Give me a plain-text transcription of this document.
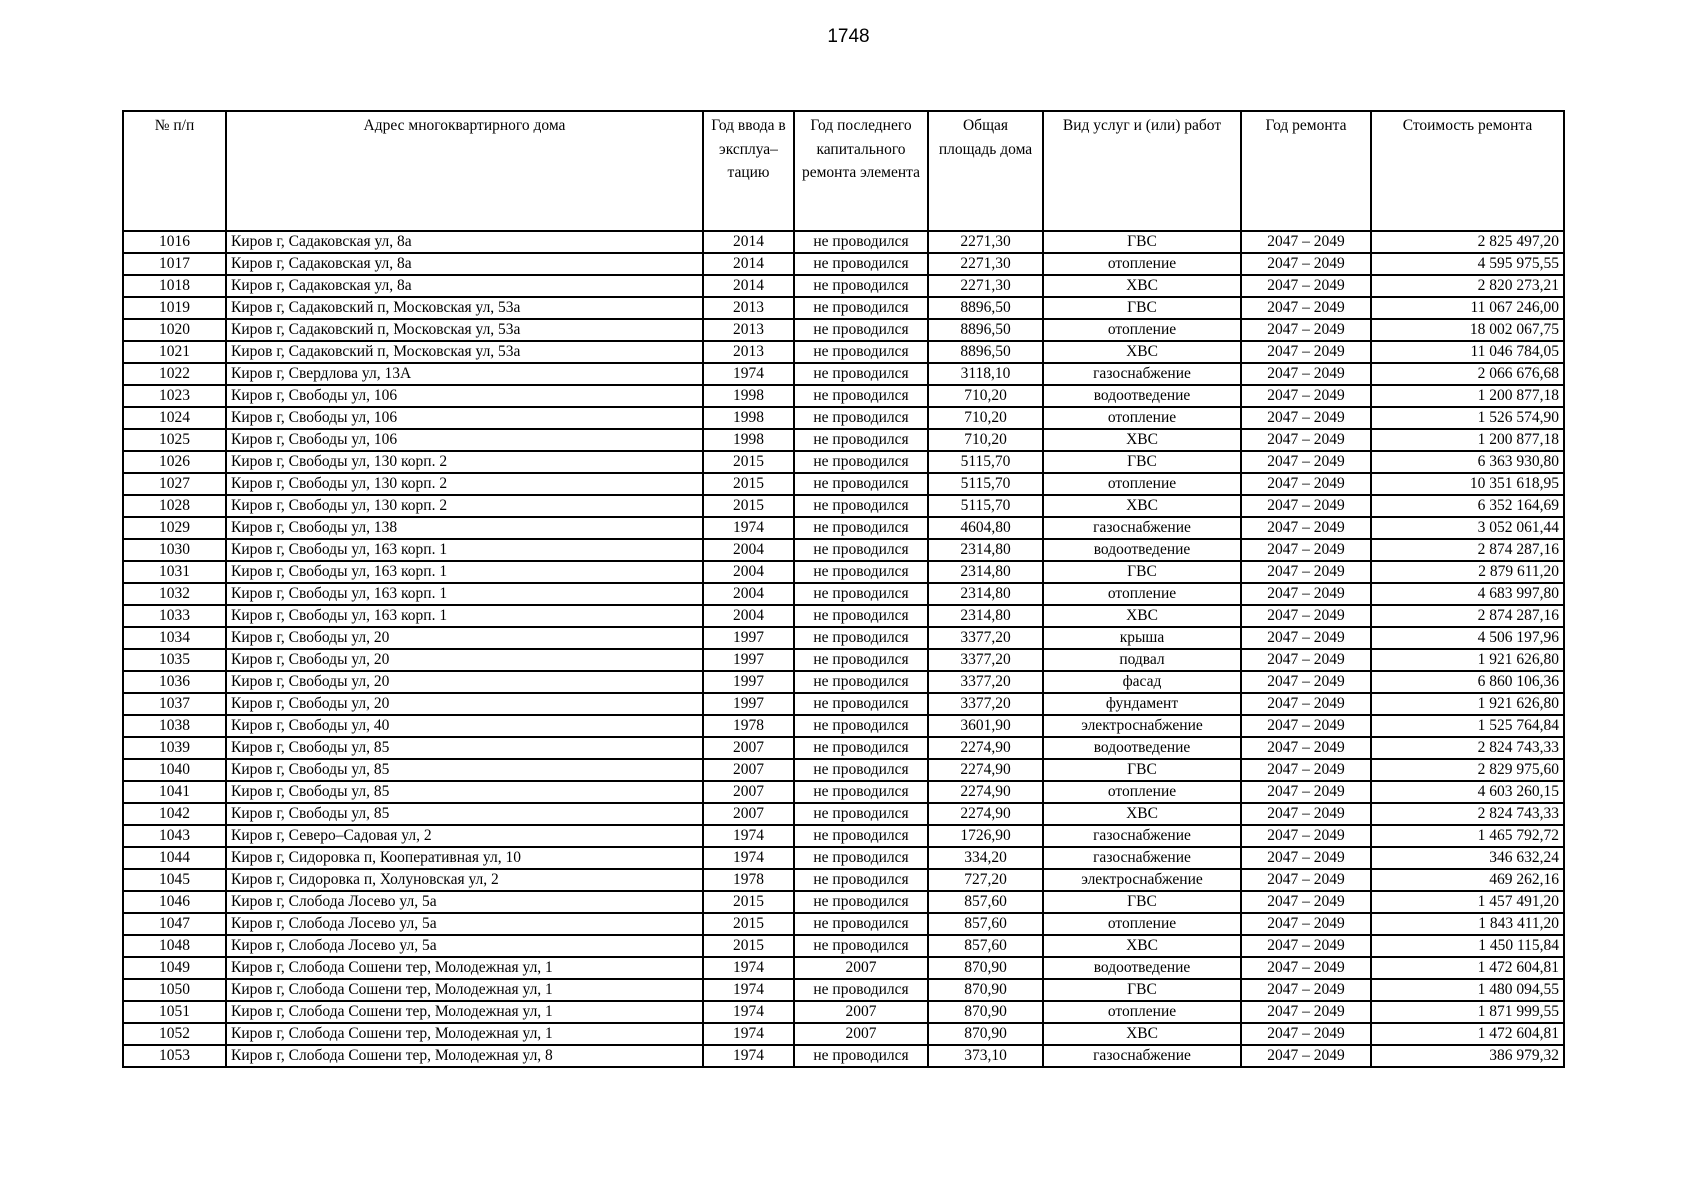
1748
№ п/п	Адрес многоквартирного дома	Год ввода в эксплуа–тацию	Год последнего капитального ремонта элемента	Общая площадь дома	Вид услуг и (или) работ	Год ремонта	Стоимость ремонта
1016	Киров г, Садаковская ул, 8а	2014	не проводился	2271,30	ГВС	2047 – 2049	2 825 497,20
1017	Киров г, Садаковская ул, 8а	2014	не проводился	2271,30	отопление	2047 – 2049	4 595 975,55
1018	Киров г, Садаковская ул, 8а	2014	не проводился	2271,30	ХВС	2047 – 2049	2 820 273,21
1019	Киров г, Садаковский п, Московская ул, 53а	2013	не проводился	8896,50	ГВС	2047 – 2049	11 067 246,00
1020	Киров г, Садаковский п, Московская ул, 53а	2013	не проводился	8896,50	отопление	2047 – 2049	18 002 067,75
1021	Киров г, Садаковский п, Московская ул, 53а	2013	не проводился	8896,50	ХВС	2047 – 2049	11 046 784,05
1022	Киров г, Свердлова ул, 13А	1974	не проводился	3118,10	газоснабжение	2047 – 2049	2 066 676,68
1023	Киров г, Свободы ул, 106	1998	не проводился	710,20	водоотведение	2047 – 2049	1 200 877,18
1024	Киров г, Свободы ул, 106	1998	не проводился	710,20	отопление	2047 – 2049	1 526 574,90
1025	Киров г, Свободы ул, 106	1998	не проводился	710,20	ХВС	2047 – 2049	1 200 877,18
1026	Киров г, Свободы ул, 130 корп. 2	2015	не проводился	5115,70	ГВС	2047 – 2049	6 363 930,80
1027	Киров г, Свободы ул, 130 корп. 2	2015	не проводился	5115,70	отопление	2047 – 2049	10 351 618,95
1028	Киров г, Свободы ул, 130 корп. 2	2015	не проводился	5115,70	ХВС	2047 – 2049	6 352 164,69
1029	Киров г, Свободы ул, 138	1974	не проводился	4604,80	газоснабжение	2047 – 2049	3 052 061,44
1030	Киров г, Свободы ул, 163 корп. 1	2004	не проводился	2314,80	водоотведение	2047 – 2049	2 874 287,16
1031	Киров г, Свободы ул, 163 корп. 1	2004	не проводился	2314,80	ГВС	2047 – 2049	2 879 611,20
1032	Киров г, Свободы ул, 163 корп. 1	2004	не проводился	2314,80	отопление	2047 – 2049	4 683 997,80
1033	Киров г, Свободы ул, 163 корп. 1	2004	не проводился	2314,80	ХВС	2047 – 2049	2 874 287,16
1034	Киров г, Свободы ул, 20	1997	не проводился	3377,20	крыша	2047 – 2049	4 506 197,96
1035	Киров г, Свободы ул, 20	1997	не проводился	3377,20	подвал	2047 – 2049	1 921 626,80
1036	Киров г, Свободы ул, 20	1997	не проводился	3377,20	фасад	2047 – 2049	6 860 106,36
1037	Киров г, Свободы ул, 20	1997	не проводился	3377,20	фундамент	2047 – 2049	1 921 626,80
1038	Киров г, Свободы ул, 40	1978	не проводился	3601,90	электроснабжение	2047 – 2049	1 525 764,84
1039	Киров г, Свободы ул, 85	2007	не проводился	2274,90	водоотведение	2047 – 2049	2 824 743,33
1040	Киров г, Свободы ул, 85	2007	не проводился	2274,90	ГВС	2047 – 2049	2 829 975,60
1041	Киров г, Свободы ул, 85	2007	не проводился	2274,90	отопление	2047 – 2049	4 603 260,15
1042	Киров г, Свободы ул, 85	2007	не проводился	2274,90	ХВС	2047 – 2049	2 824 743,33
1043	Киров г, Северо–Садовая ул, 2	1974	не проводился	1726,90	газоснабжение	2047 – 2049	1 465 792,72
1044	Киров г, Сидоровка п, Кооперативная ул, 10	1974	не проводился	334,20	газоснабжение	2047 – 2049	346 632,24
1045	Киров г, Сидоровка п, Холуновская ул, 2	1978	не проводился	727,20	электроснабжение	2047 – 2049	469 262,16
1046	Киров г, Слобода Лосево ул, 5а	2015	не проводился	857,60	ГВС	2047 – 2049	1 457 491,20
1047	Киров г, Слобода Лосево ул, 5а	2015	не проводился	857,60	отопление	2047 – 2049	1 843 411,20
1048	Киров г, Слобода Лосево ул, 5а	2015	не проводился	857,60	ХВС	2047 – 2049	1 450 115,84
1049	Киров г, Слобода Сошени тер, Молодежная ул, 1	1974	2007	870,90	водоотведение	2047 – 2049	1 472 604,81
1050	Киров г, Слобода Сошени тер, Молодежная ул, 1	1974	не проводился	870,90	ГВС	2047 – 2049	1 480 094,55
1051	Киров г, Слобода Сошени тер, Молодежная ул, 1	1974	2007	870,90	отопление	2047 – 2049	1 871 999,55
1052	Киров г, Слобода Сошени тер, Молодежная ул, 1	1974	2007	870,90	ХВС	2047 – 2049	1 472 604,81
1053	Киров г, Слобода Сошени тер, Молодежная ул, 8	1974	не проводился	373,10	газоснабжение	2047 – 2049	386 979,32
